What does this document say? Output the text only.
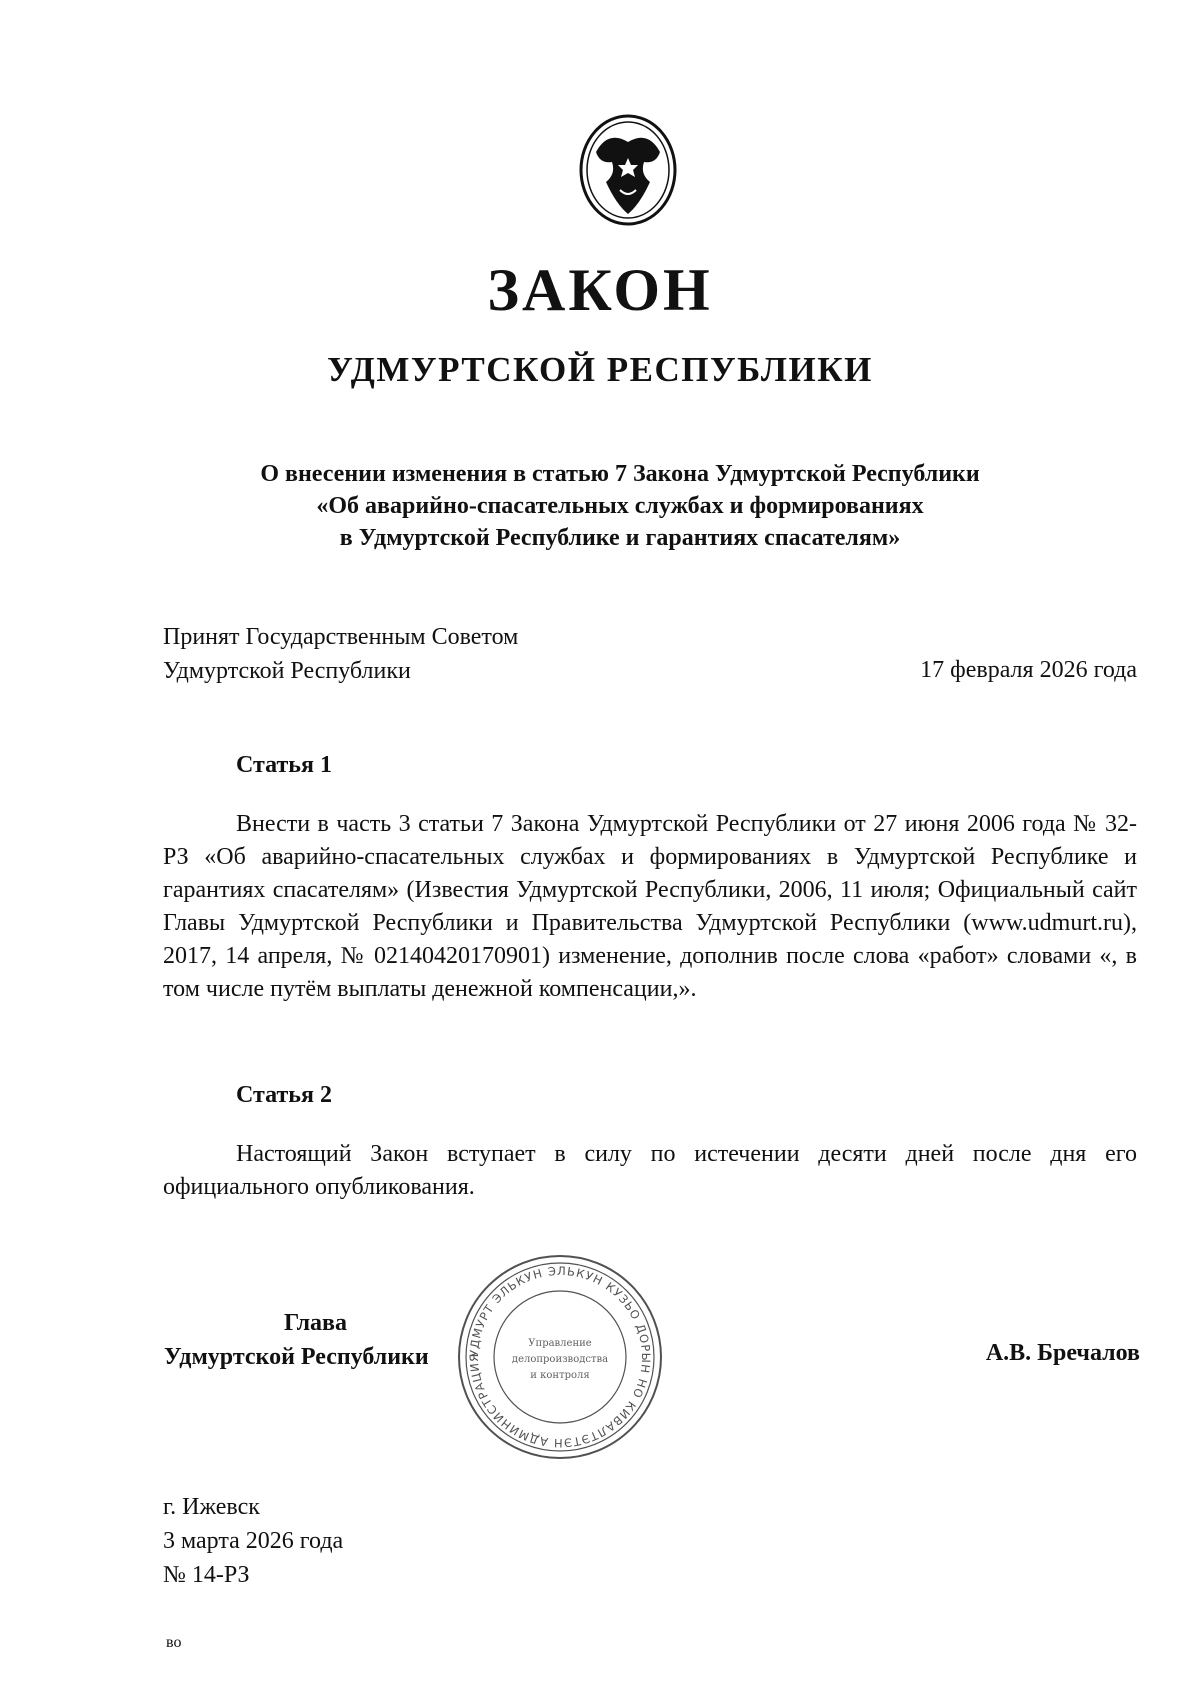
ЗАКОН
УДМУРТСКОЙ РЕСПУБЛИКИ
О внесении изменения в статью 7 Закона Удмуртской Республики
«Об аварийно-спасательных службах и формированиях
в Удмуртской Республике и гарантиях спасателям»
Принят Государственным Советом
Удмуртской Республики	17 февраля 2026 года
Статья 1

Внести в часть 3 статьи 7 Закона Удмуртской Республики от 27 июня 2006 года № 32-РЗ «Об аварийно-спасательных службах и формированиях в Удмуртской Республике и гарантиях спасателям» (Известия Удмуртской Республики, 2006, 11 июля; Официальный сайт Главы Удмуртской Республики и Правительства Удмуртской Республики (www.udmurt.ru), 2017, 14 апреля, № 02140420170901) изменение, дополнив после слова «работ» словами «, в том числе путём выплаты денежной компенсации,».

Статья 2

Настоящий Закон вступает в силу по истечении десяти дней после дня его официального опубликования.

Глава
Удмуртской Республики	А.В. Бречалов
УДМУРТ ЭЛЬКУН ЭЛЬКУН КУЗЬО ДОРЫН НО КИВАЛТЭТЭН АДМИНИСТРАЦИЯ
Управление
делопроизводства
и контроля
г. Ижевск
3 марта 2026 года
№ 14-РЗ
во
